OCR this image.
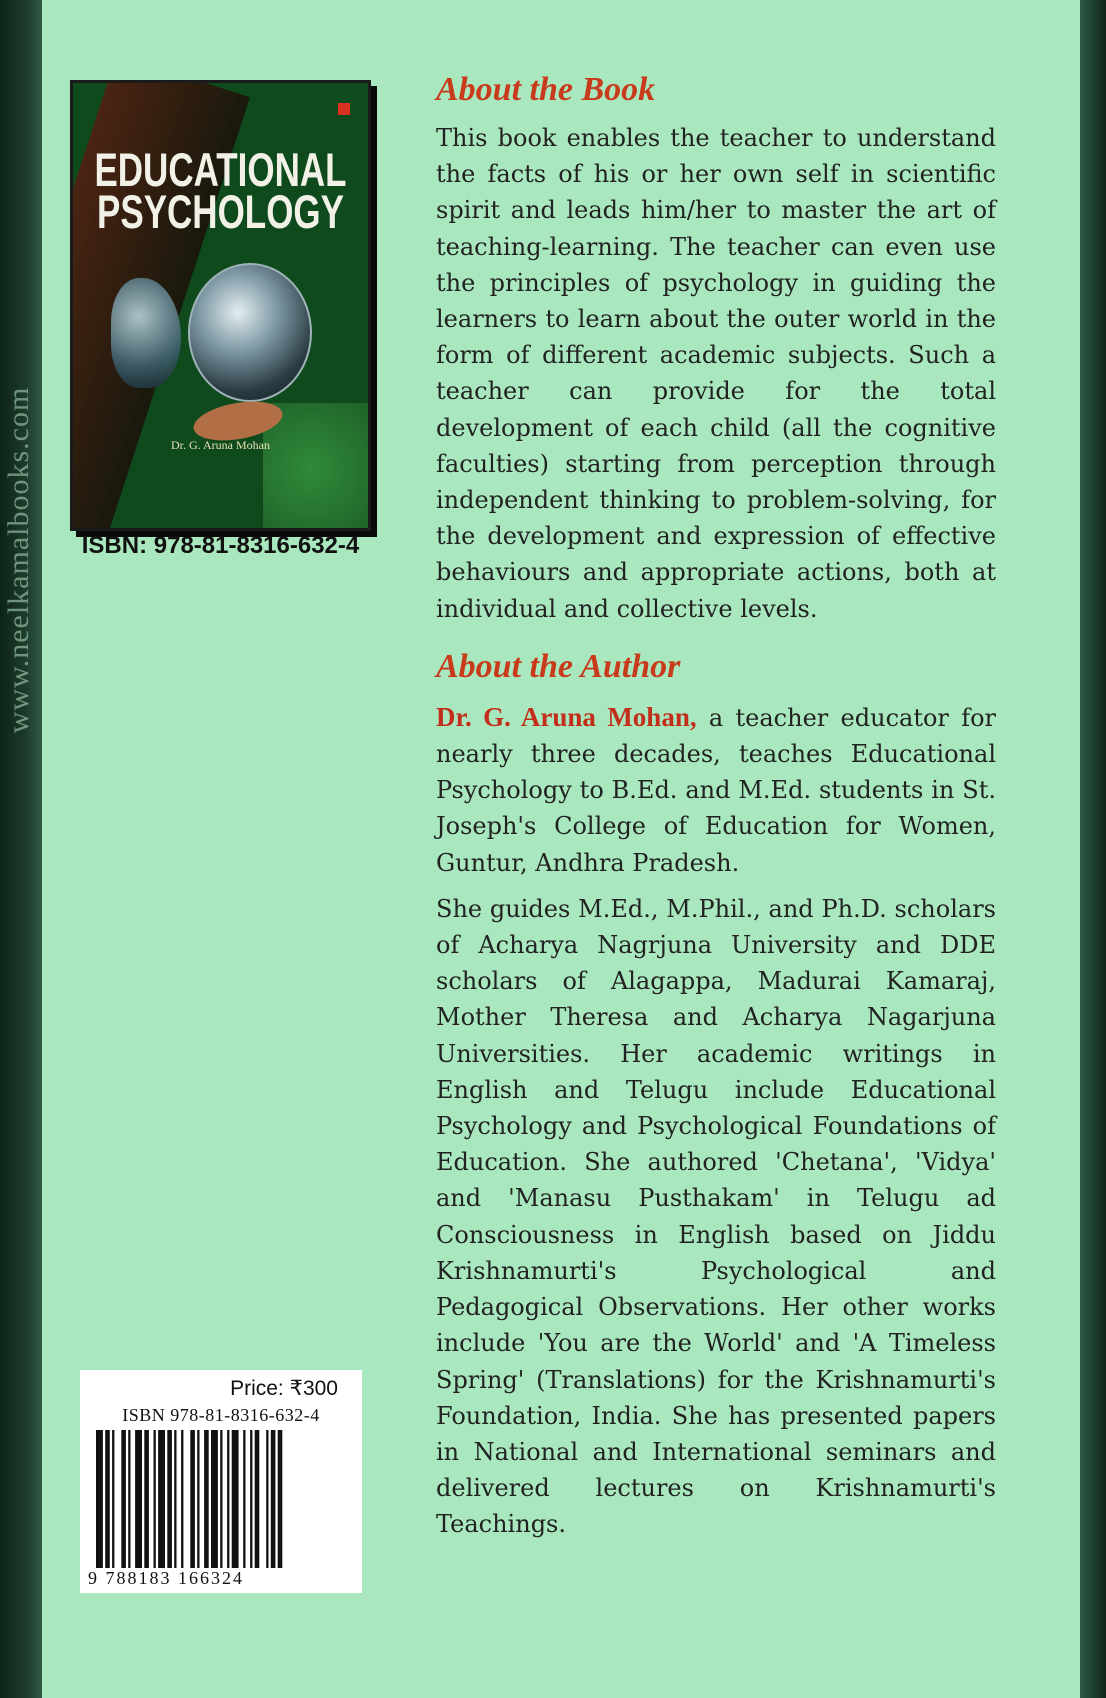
www.neelkamalbooks.com
EDUCATIONAL
PSYCHOLOGY
Dr. G. Aruna Mohan
ISBN: 978-81-8316-632-4
Price: ₹300
ISBN 978-81-8316-632-4
9 788183 166324
About the Book

This book enables the teacher to understand the facts of his or her own self in scientific spirit and leads him/her to master the art of teaching-learning. The teacher can even use the principles of psychology in guiding the learners to learn about the outer world in the form of different academic subjects. Such a teacher can provide for the total development of each child (all the cognitive faculties) starting from perception through independent thinking to problem-solving, for the development and expression of effective behaviours and appropriate actions, both at individual and collective levels.

About the Author

Dr. G. Aruna Mohan, a teacher educator for nearly three decades, teaches Educational Psychology to B.Ed. and M.Ed. students in St. Joseph's College of Education for Women, Guntur, Andhra Pradesh.

She guides M.Ed., M.Phil., and Ph.D. scholars of Acharya Nagrjuna University and DDE scholars of Alagappa, Madurai Kamaraj, Mother Theresa and Acharya Nagarjuna Universities. Her academic writings in English and Telugu include Educational Psychology and Psychological Foundations of Education. She authored 'Chetana', 'Vidya' and 'Manasu Pusthakam' in Telugu ad Consciousness in English based on Jiddu Krishnamurti's Psychological and Pedagogical Observations. Her other works include 'You are the World' and 'A Timeless Spring' (Translations) for the Krishnamurti's Foundation, India. She has presented papers in National and International seminars and delivered lectures on Krishnamurti's Teachings.
